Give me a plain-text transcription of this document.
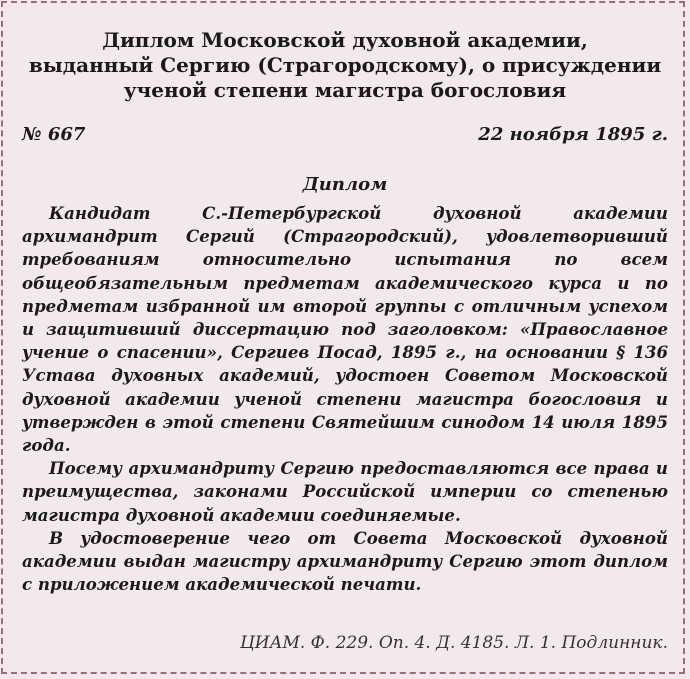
Диплом Московской духовной академии,
выданный Сергию (Страгородскому), о присуждении
ученой степени магистра богословия
№ 667	22 ноября 1895 г.
Диплом

Кандидат С.-Петербургской духовной академии архимандрит Сергий (Страгородский), удовлетворивший требованиям относительно испытания по всем общеобязательным предметам академического курса и по предметам избранной им второй группы с отличным успехом и защитивший диссертацию под заголовком: «Православное учение о спасении», Сергиев Посад, 1895 г., на основании § 136 Устава духовных академий, удостоен Советом Московской духовной академии ученой степени магистра богословия и утвержден в этой степени Святейшим синодом 14 июля 1895 года.

Посему архимандриту Сергию предоставляются все права и преимущества, законами Российской империи со степенью магистра духовной академии соединяемые.

В удостоверение чего от Совета Московской духовной академии выдан магистру архимандриту Сергию этот диплом с приложением академической печати.

ЦИАМ. Ф. 229. Оп. 4. Д. 4185. Л. 1. Подлинник.
